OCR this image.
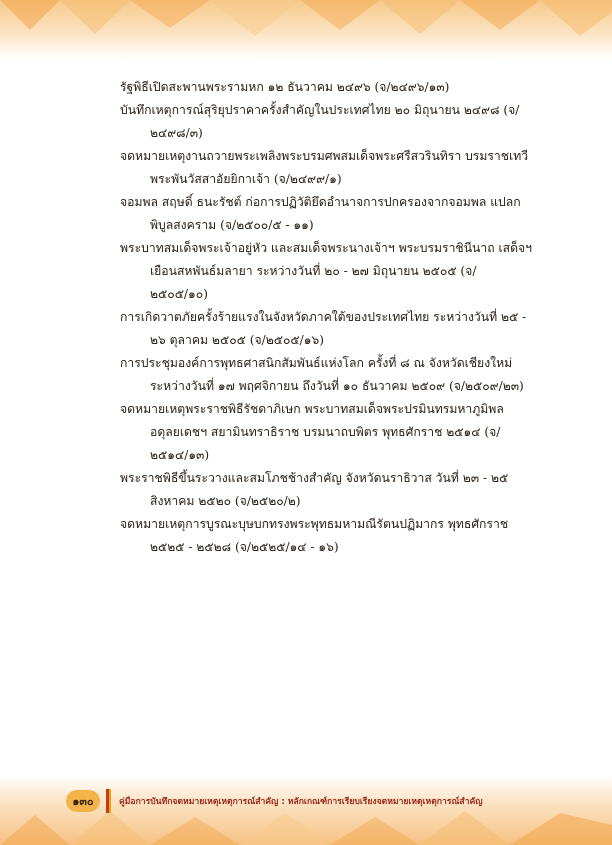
รัฐพิธีเปิดสะพานพระรามหก ๑๒ ธันวาคม ๒๔๙๖ (จ/๒๔๙๖/๑๓)

บันทึกเหตุการณ์สุริยุปราคาครั้งสำคัญในประเทศไทย ๒๐ มิถุนายน ๒๔๙๘ (จ/๒๔๙๘/๓)

จดหมายเหตุงานถวายพระเพลิงพระบรมศพสมเด็จพระศรีสวรินทิรา บรมราชเทวี พระพันวัสสาอัยยิกาเจ้า (จ/๒๔๙๙/๑)

จอมพล สฤษดิ์ ธนะรัชต์ ก่อการปฏิวัติยึดอำนาจการปกครองจากจอมพล แปลก พิบูลสงคราม (จ/๒๕๐๐/๕ - ๑๑)

พระบาทสมเด็จพระเจ้าอยู่หัว และสมเด็จพระนางเจ้าฯ พระบรมราชินีนาถ เสด็จฯ เยือนสหพันธ์มลายา ระหว่างวันที่ ๒๐ - ๒๗ มิถุนายน ๒๕๐๕ (จ/๒๕๐๕/๑๐)

การเกิดวาตภัยครั้งร้ายแรงในจังหวัดภาคใต้ของประเทศไทย ระหว่างวันที่ ๒๕ - ๒๖ ตุลาคม ๒๕๐๕ (จ/๒๕๐๕/๑๖)

การประชุมองค์การพุทธศาสนิกสัมพันธ์แห่งโลก ครั้งที่ ๘ ณ จังหวัดเชียงใหม่ ระหว่างวันที่ ๑๗ พฤศจิกายน ถึงวันที่ ๑๐ ธันวาคม ๒๕๐๙ (จ/๒๕๐๙/๒๓)

จดหมายเหตุพระราชพิธีรัชดาภิเษก พระบาทสมเด็จพระปรมินทรมหาภูมิพลอดุลยเดชฯ สยามินทราธิราช บรมนาถบพิตร พุทธศักราช ๒๕๑๔ (จ/๒๕๑๔/๑๓)

พระราชพิธีขึ้นระวางและสมโภชช้างสำคัญ จังหวัดนราธิวาส วันที่ ๒๓ - ๒๕ สิงหาคม ๒๕๒๐ (จ/๒๕๒๐/๒)

จดหมายเหตุการบูรณะบุษบกทรงพระพุทธมหามณีรัตนปฏิมากร พุทธศักราช ๒๕๒๕ - ๒๕๒๘ (จ/๒๕๒๕/๑๔ - ๑๖)

๑๓๐	คู่มือการบันทึกจดหมายเหตุเหตุการณ์สำคัญ : หลักเกณฑ์การเรียบเรียงจดหมายเหตุเหตุการณ์สำคัญ
